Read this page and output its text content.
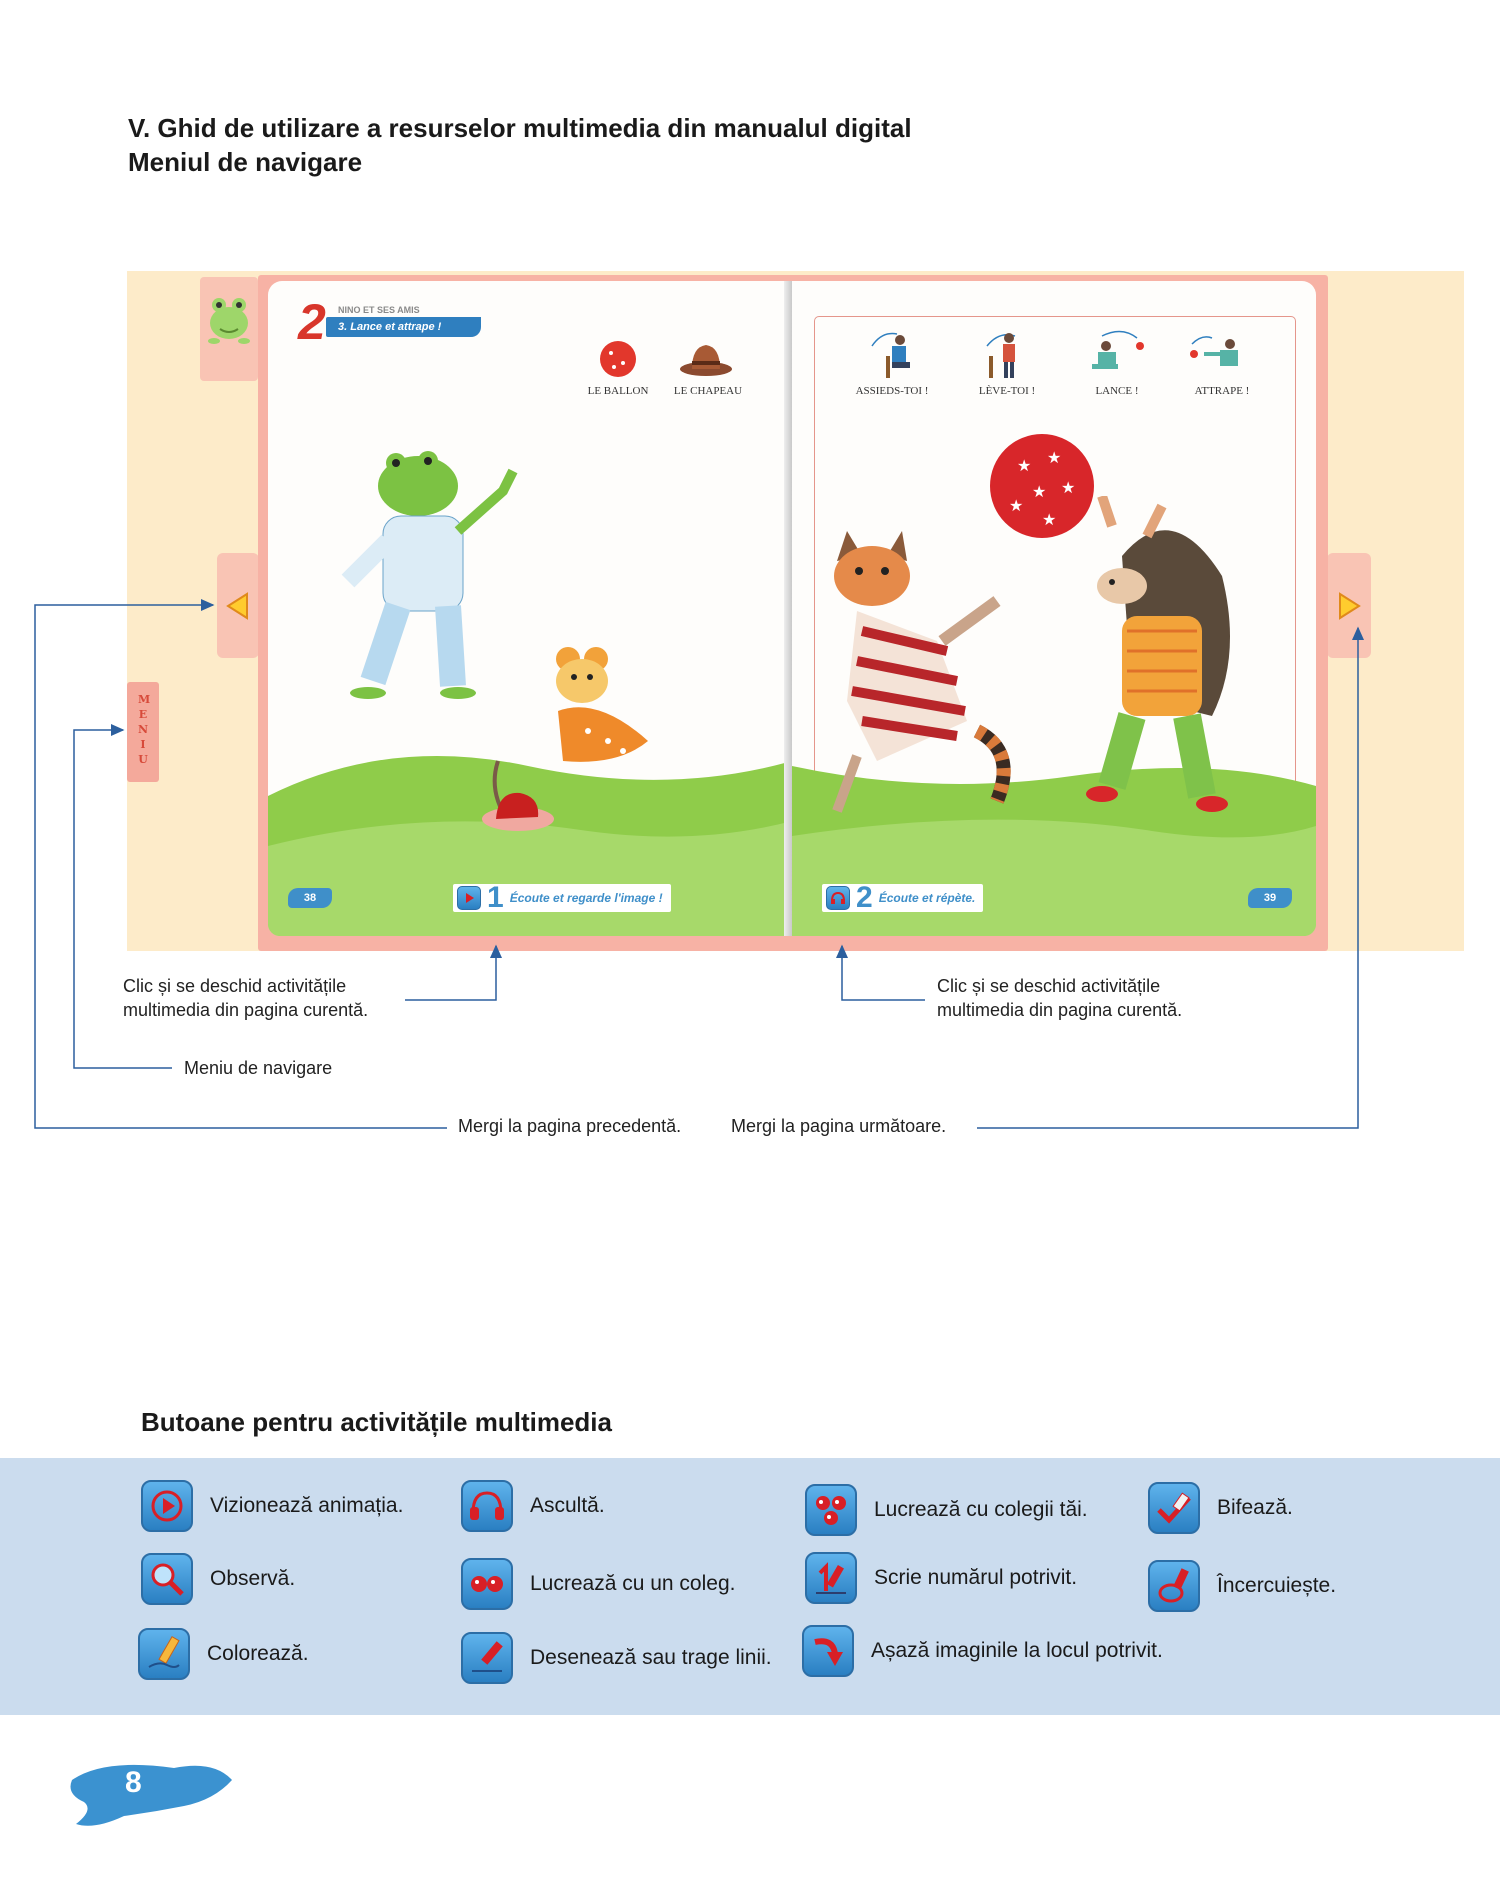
V. Ghid de utilizare a resurselor multimedia din manualul digital
Meniul de navigare
M E N I U
2 NINO ET SES AMIS
3. Lance et attrape !
LE BALLON	LE CHAPEAU
38	1 Écoute et regarde l'image !
ASSIEDS-TOI !	LÈVE-TOI !	LANCE !	ATTRAPE !
★ ★
★ ★
★
★
39
2 Écoute et répète.

Clic și se deschid activitățile multimedia din pagina curentă.

Clic și se deschid activitățile multimedia din pagina curentă.

Meniu de navigare

Mergi la pagina precedentă.	Mergi la pagina următoare.

Butoane pentru activitățile multimedia
Vizionează animația.	Ascultă.	Lucrează cu colegii tăi.	Bifează.
Observă.	Lucrează cu un coleg.	Scrie numărul potrivit.	Încercuiește.
Colorează.	Desenează sau trage linii.	Așază imaginile la locul potrivit.
8
